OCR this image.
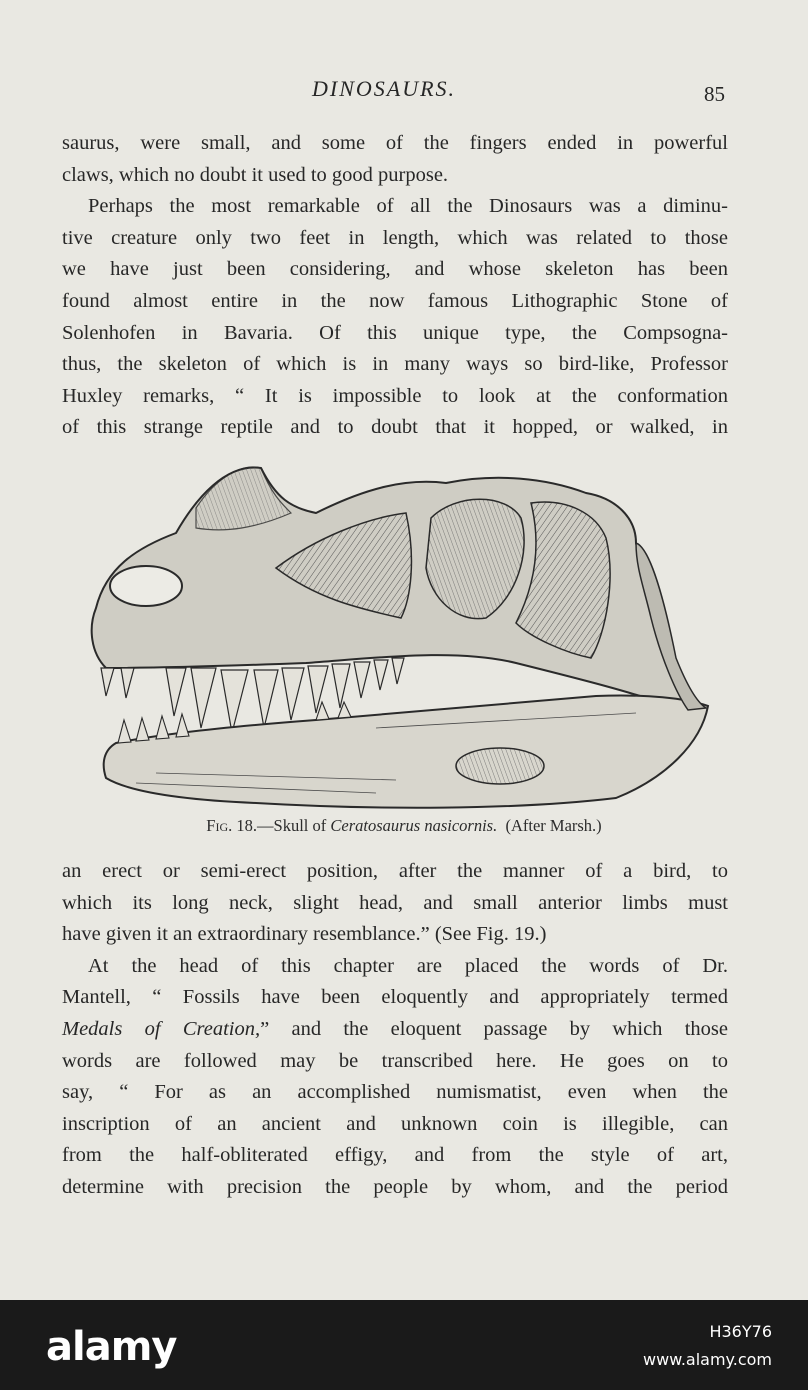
DINOSAURS.	85

saurus, were small, and some of the fingers ended in powerful
claws, which no doubt it used to good purpose.

Perhaps the most remarkable of all the Dinosaurs was a diminu-
tive creature only two feet in length, which was related to those
we have just been considering, and whose skeleton has been
found almost entire in the now famous Lithographic Stone of
Solenhofen in Bavaria. Of this unique type, the Compsogna-
thus, the skeleton of which is in many ways so bird-like, Professor
Huxley remarks, “ It is impossible to look at the conformation
of this strange reptile and to doubt that it hopped, or walked, in

Fig. 18.—Skull of Ceratosaurus nasicornis.  (After Marsh.)

an erect or semi-erect position, after the manner of a bird, to
which its long neck, slight head, and small anterior limbs must
have given it an extraordinary resemblance.” (See Fig. 19.)

At the head of this chapter are placed the words of Dr.
Mantell, “ Fossils have been eloquently and appropriately termed
Medals of Creation,” and the eloquent passage by which those
words are followed may be transcribed here. He goes on to
say, “ For as an accomplished numismatist, even when the
inscription of an ancient and unknown coin is illegible, can
from the half-obliterated effigy, and from the style of art,
determine with precision the people by whom, and the period

alamy	H36Y76
www.alamy.com
